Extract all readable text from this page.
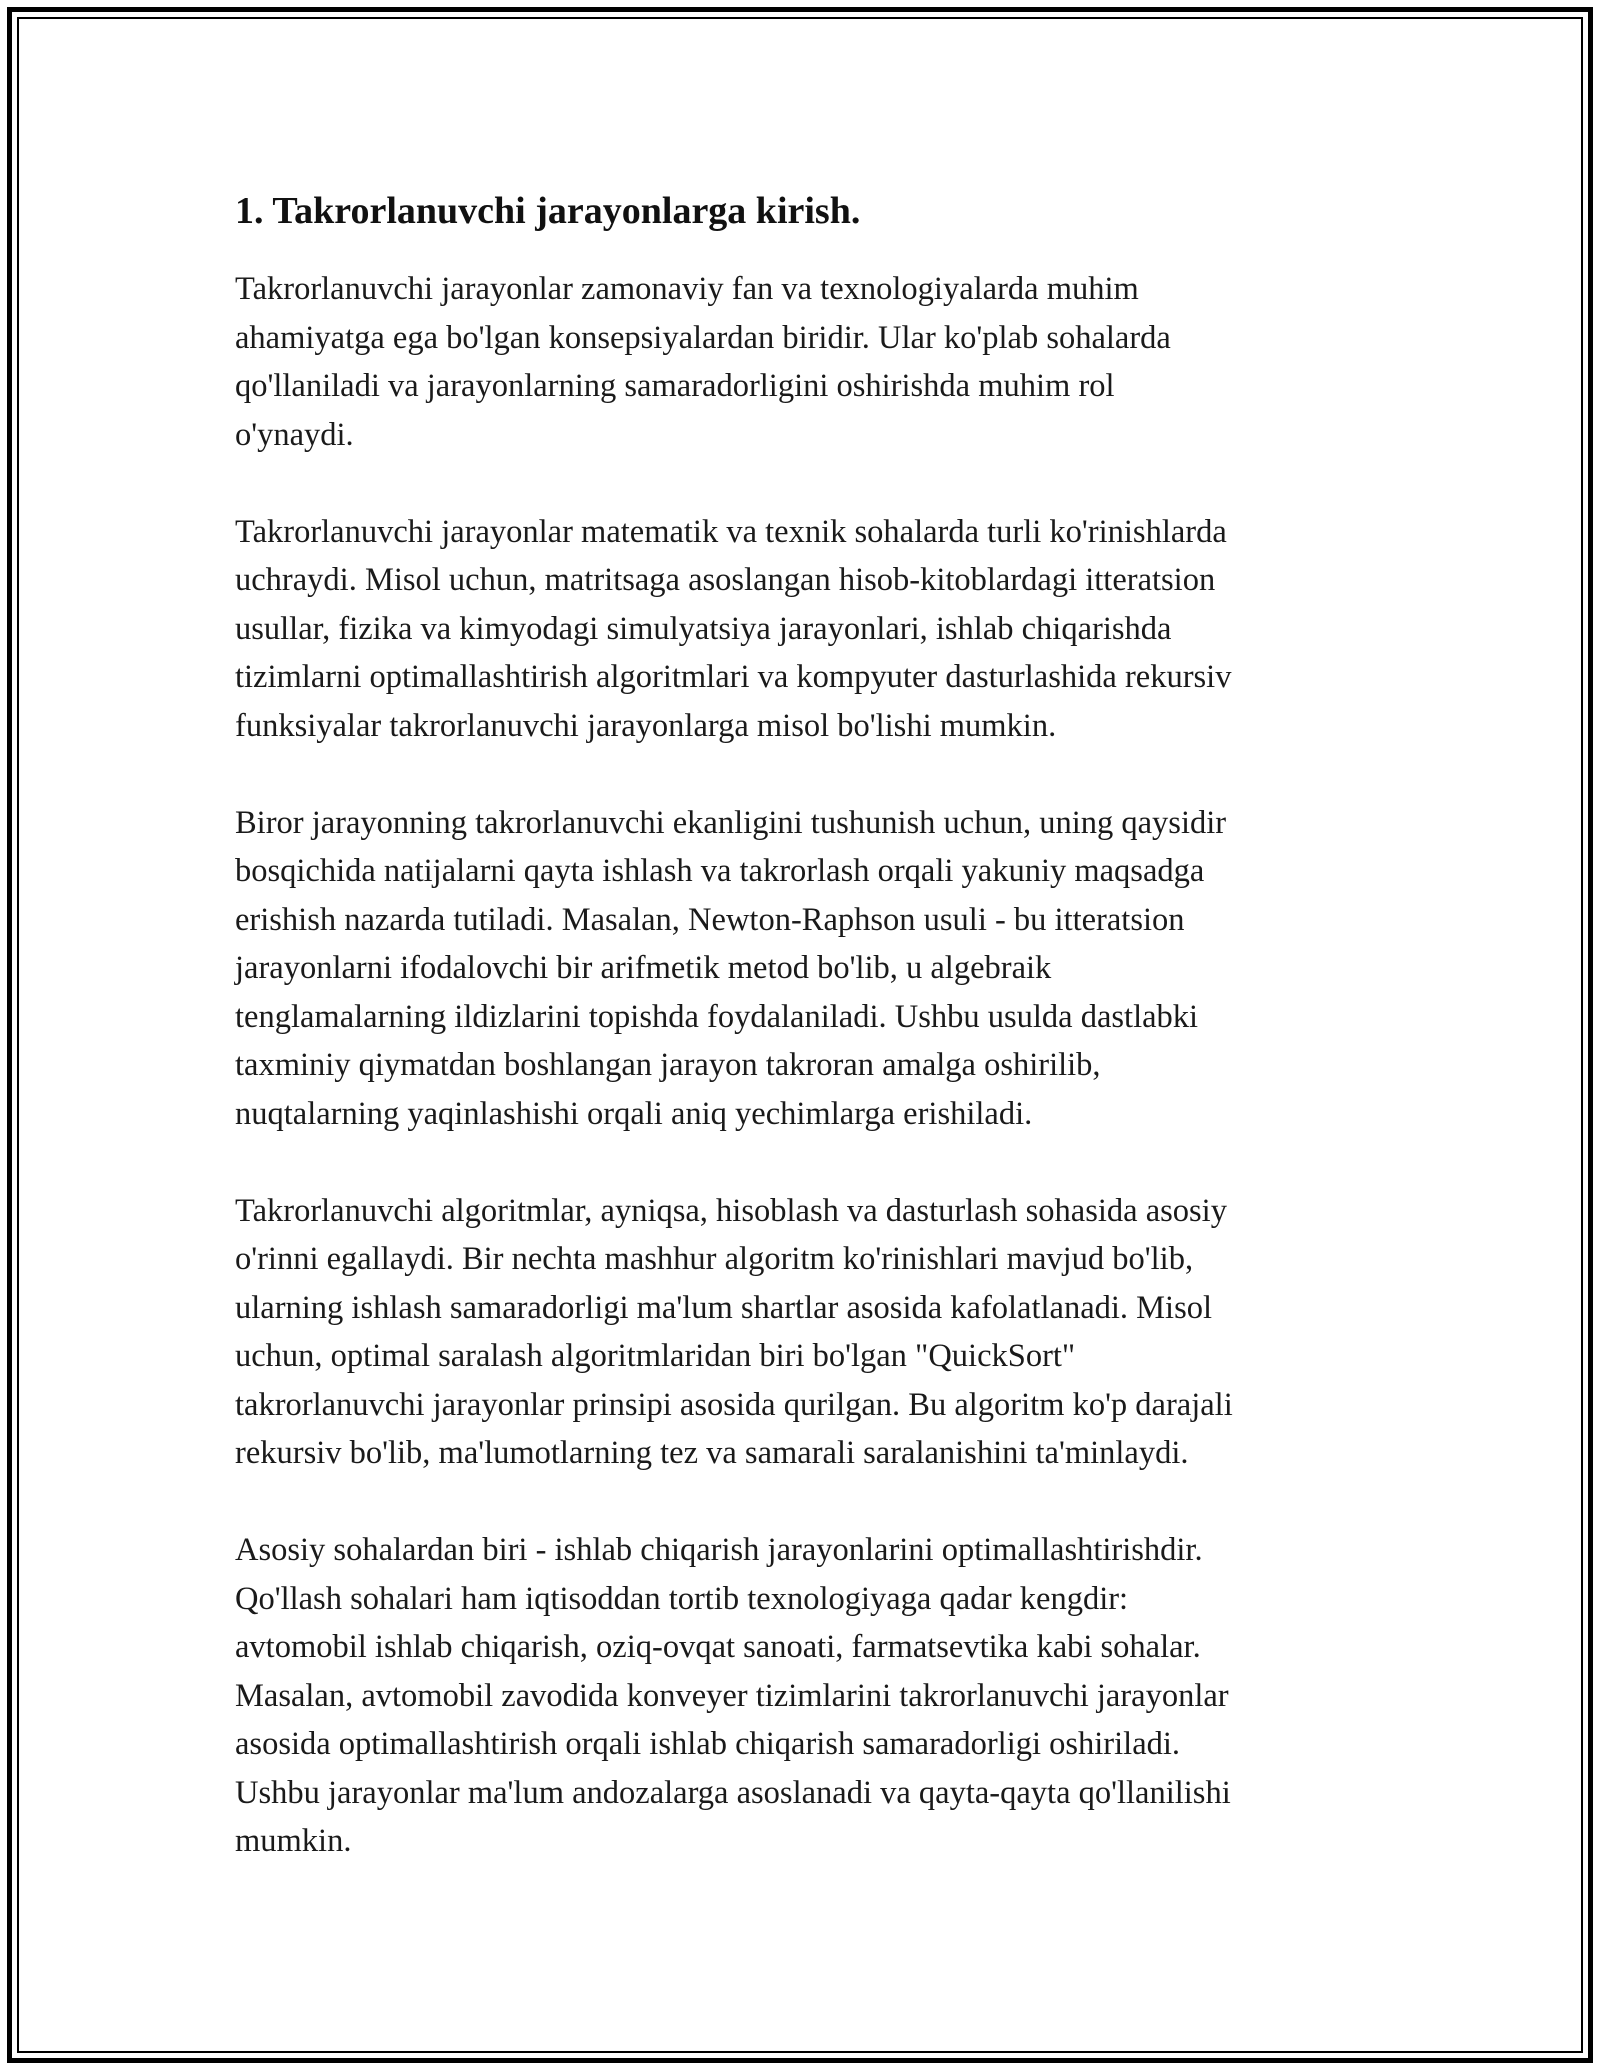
1. Takrorlanuvchi jarayonlarga kirish.

Takrorlanuvchi jarayonlar zamonaviy fan va texnologiyalarda muhim
ahamiyatga ega bo'lgan konsepsiyalardan biridir. Ular ko'plab sohalarda
qo'llaniladi va jarayonlarning samaradorligini oshirishda muhim rol
o'ynaydi.

Takrorlanuvchi jarayonlar matematik va texnik sohalarda turli ko'rinishlarda
uchraydi. Misol uchun, matritsaga asoslangan hisob-kitoblardagi itteratsion
usullar, fizika va kimyodagi simulyatsiya jarayonlari, ishlab chiqarishda
tizimlarni optimallashtirish algoritmlari va kompyuter dasturlashida rekursiv
funksiyalar takrorlanuvchi jarayonlarga misol bo'lishi mumkin.

Biror jarayonning takrorlanuvchi ekanligini tushunish uchun, uning qaysidir
bosqichida natijalarni qayta ishlash va takrorlash orqali yakuniy maqsadga
erishish nazarda tutiladi. Masalan, Newton-Raphson usuli - bu itteratsion
jarayonlarni ifodalovchi bir arifmetik metod bo'lib, u algebraik
tenglamalarning ildizlarini topishda foydalaniladi. Ushbu usulda dastlabki
taxminiy qiymatdan boshlangan jarayon takroran amalga oshirilib,
nuqtalarning yaqinlashishi orqali aniq yechimlarga erishiladi.

Takrorlanuvchi algoritmlar, ayniqsa, hisoblash va dasturlash sohasida asosiy
o'rinni egallaydi. Bir nechta mashhur algoritm ko'rinishlari mavjud bo'lib,
ularning ishlash samaradorligi ma'lum shartlar asosida kafolatlanadi. Misol
uchun, optimal saralash algoritmlaridan biri bo'lgan "QuickSort"
takrorlanuvchi jarayonlar prinsipi asosida qurilgan. Bu algoritm ko'p darajali
rekursiv bo'lib, ma'lumotlarning tez va samarali saralanishini ta'minlaydi.

Asosiy sohalardan biri - ishlab chiqarish jarayonlarini optimallashtirishdir.
Qo'llash sohalari ham iqtisoddan tortib texnologiyaga qadar kengdir:
avtomobil ishlab chiqarish, oziq-ovqat sanoati, farmatsevtika kabi sohalar.
Masalan, avtomobil zavodida konveyer tizimlarini takrorlanuvchi jarayonlar
asosida optimallashtirish orqali ishlab chiqarish samaradorligi oshiriladi.
Ushbu jarayonlar ma'lum andozalarga asoslanadi va qayta-qayta qo'llanilishi
mumkin.
